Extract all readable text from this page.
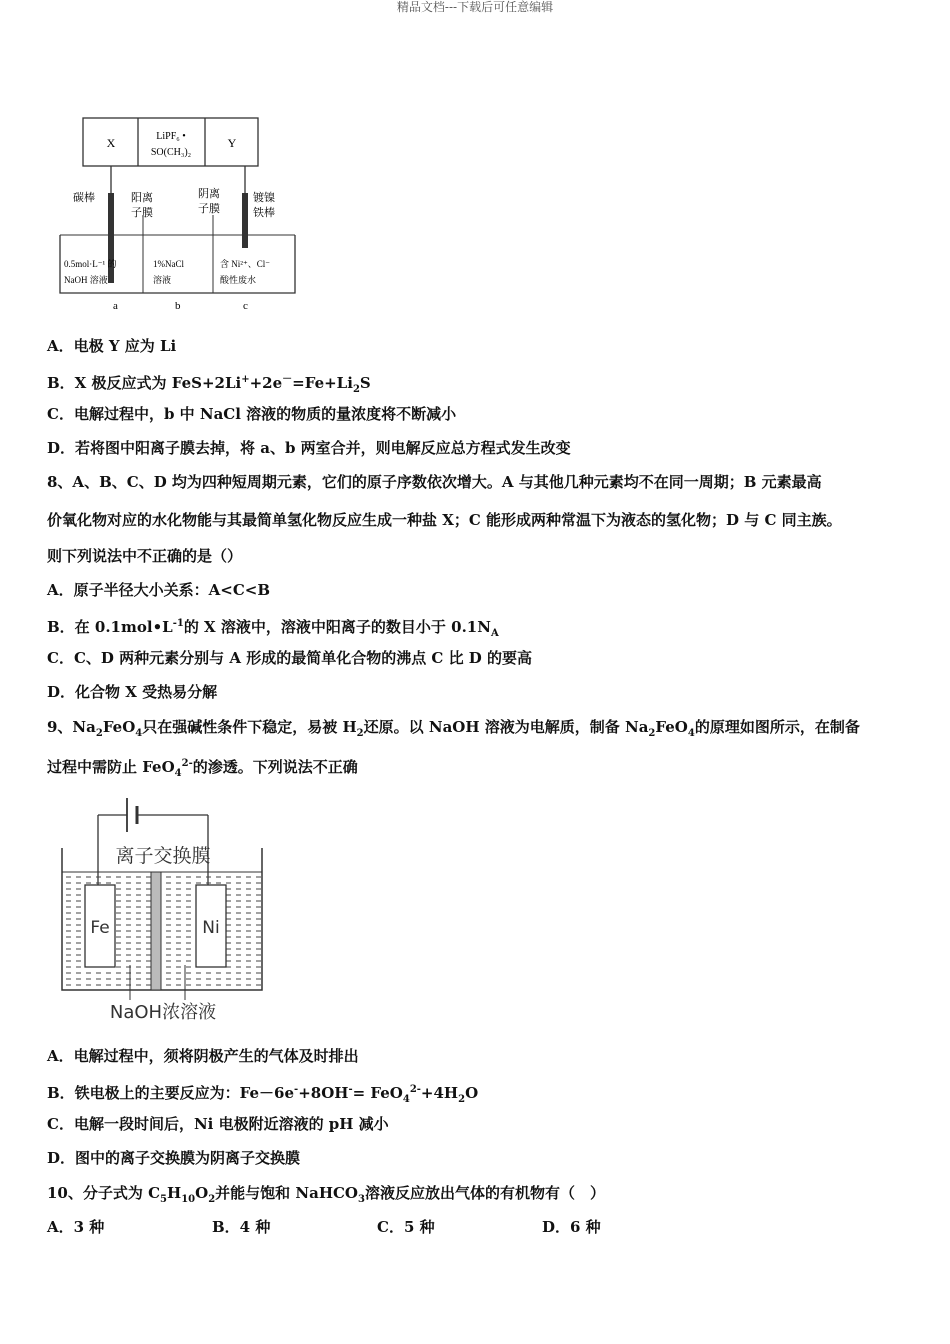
精品文档---下载后可任意编辑
X	LiPF₆ •
SO(CH₃)₂
Y
碳棒	阳离
子膜
阴离
子膜
镀镍
铁棒
0.5mol·L⁻¹ 的
NaOH 溶液
1%NaCl
溶液
含 Ni²⁺、Cl⁻
酸性废水
a	b	c
A．电极 Y 应为 Li
B．X 极反应式为 $FeS+2Li^++2e^-=Fe+Li_2S$
C．电解过程中，b 中 NaCl 溶液的物质的量浓度将不断减小
D．若将图中阳离子膜去掉，将 a、b 两室合并，则电解反应总方程式发生改变
8、A、B、C、D 均为四种短周期元素，它们的原子序数依次增大。A 与其他几种元素均不在同一周期；B 元素最高
价氧化物对应的水化物能与其最简单氢化物反应生成一种盐 X；C 能形成两种常温下为液态的氢化物；D 与 C 同主族。
则下列说法中不正确的是（）
A．原子半径大小关系：A<C<B
B．在 $0.1mol•L^{-1}$的 X 溶液中，溶液中阳离子的数目小于 $0.1N_A$
C．C、D 两种元素分别与 A 形成的最简单化合物的沸点 C 比 D 的要高
D．化合物 X 受热易分解
9、$Na_2FeO_4$只在强碱性条件下稳定，易被 $H_2$还原。以 NaOH 溶液为电解质，制备 $Na_2FeO_4$的原理如图所示，在制备
过程中需防止 FeO$_4^{2-}$的渗透。下列说法不正确
离子交换膜
Fe	Ni
NaOH浓溶液
A．电解过程中，须将阴极产生的气体及时排出
B．铁电极上的主要反应为：$Fe-6e^-+8OH^-= FeO_4^{2-}+4H_2O$
C．电解一段时间后，Ni 电极附近溶液的 pH 减小
D．图中的离子交换膜为阴离子交换膜
10、分子式为 $C_5H_{10}O_2$并能与饱和 NaHCO$_3$溶液反应放出气体的有机物有（　）
A．3 种	B．4 种	C．5 种	D．6 种
